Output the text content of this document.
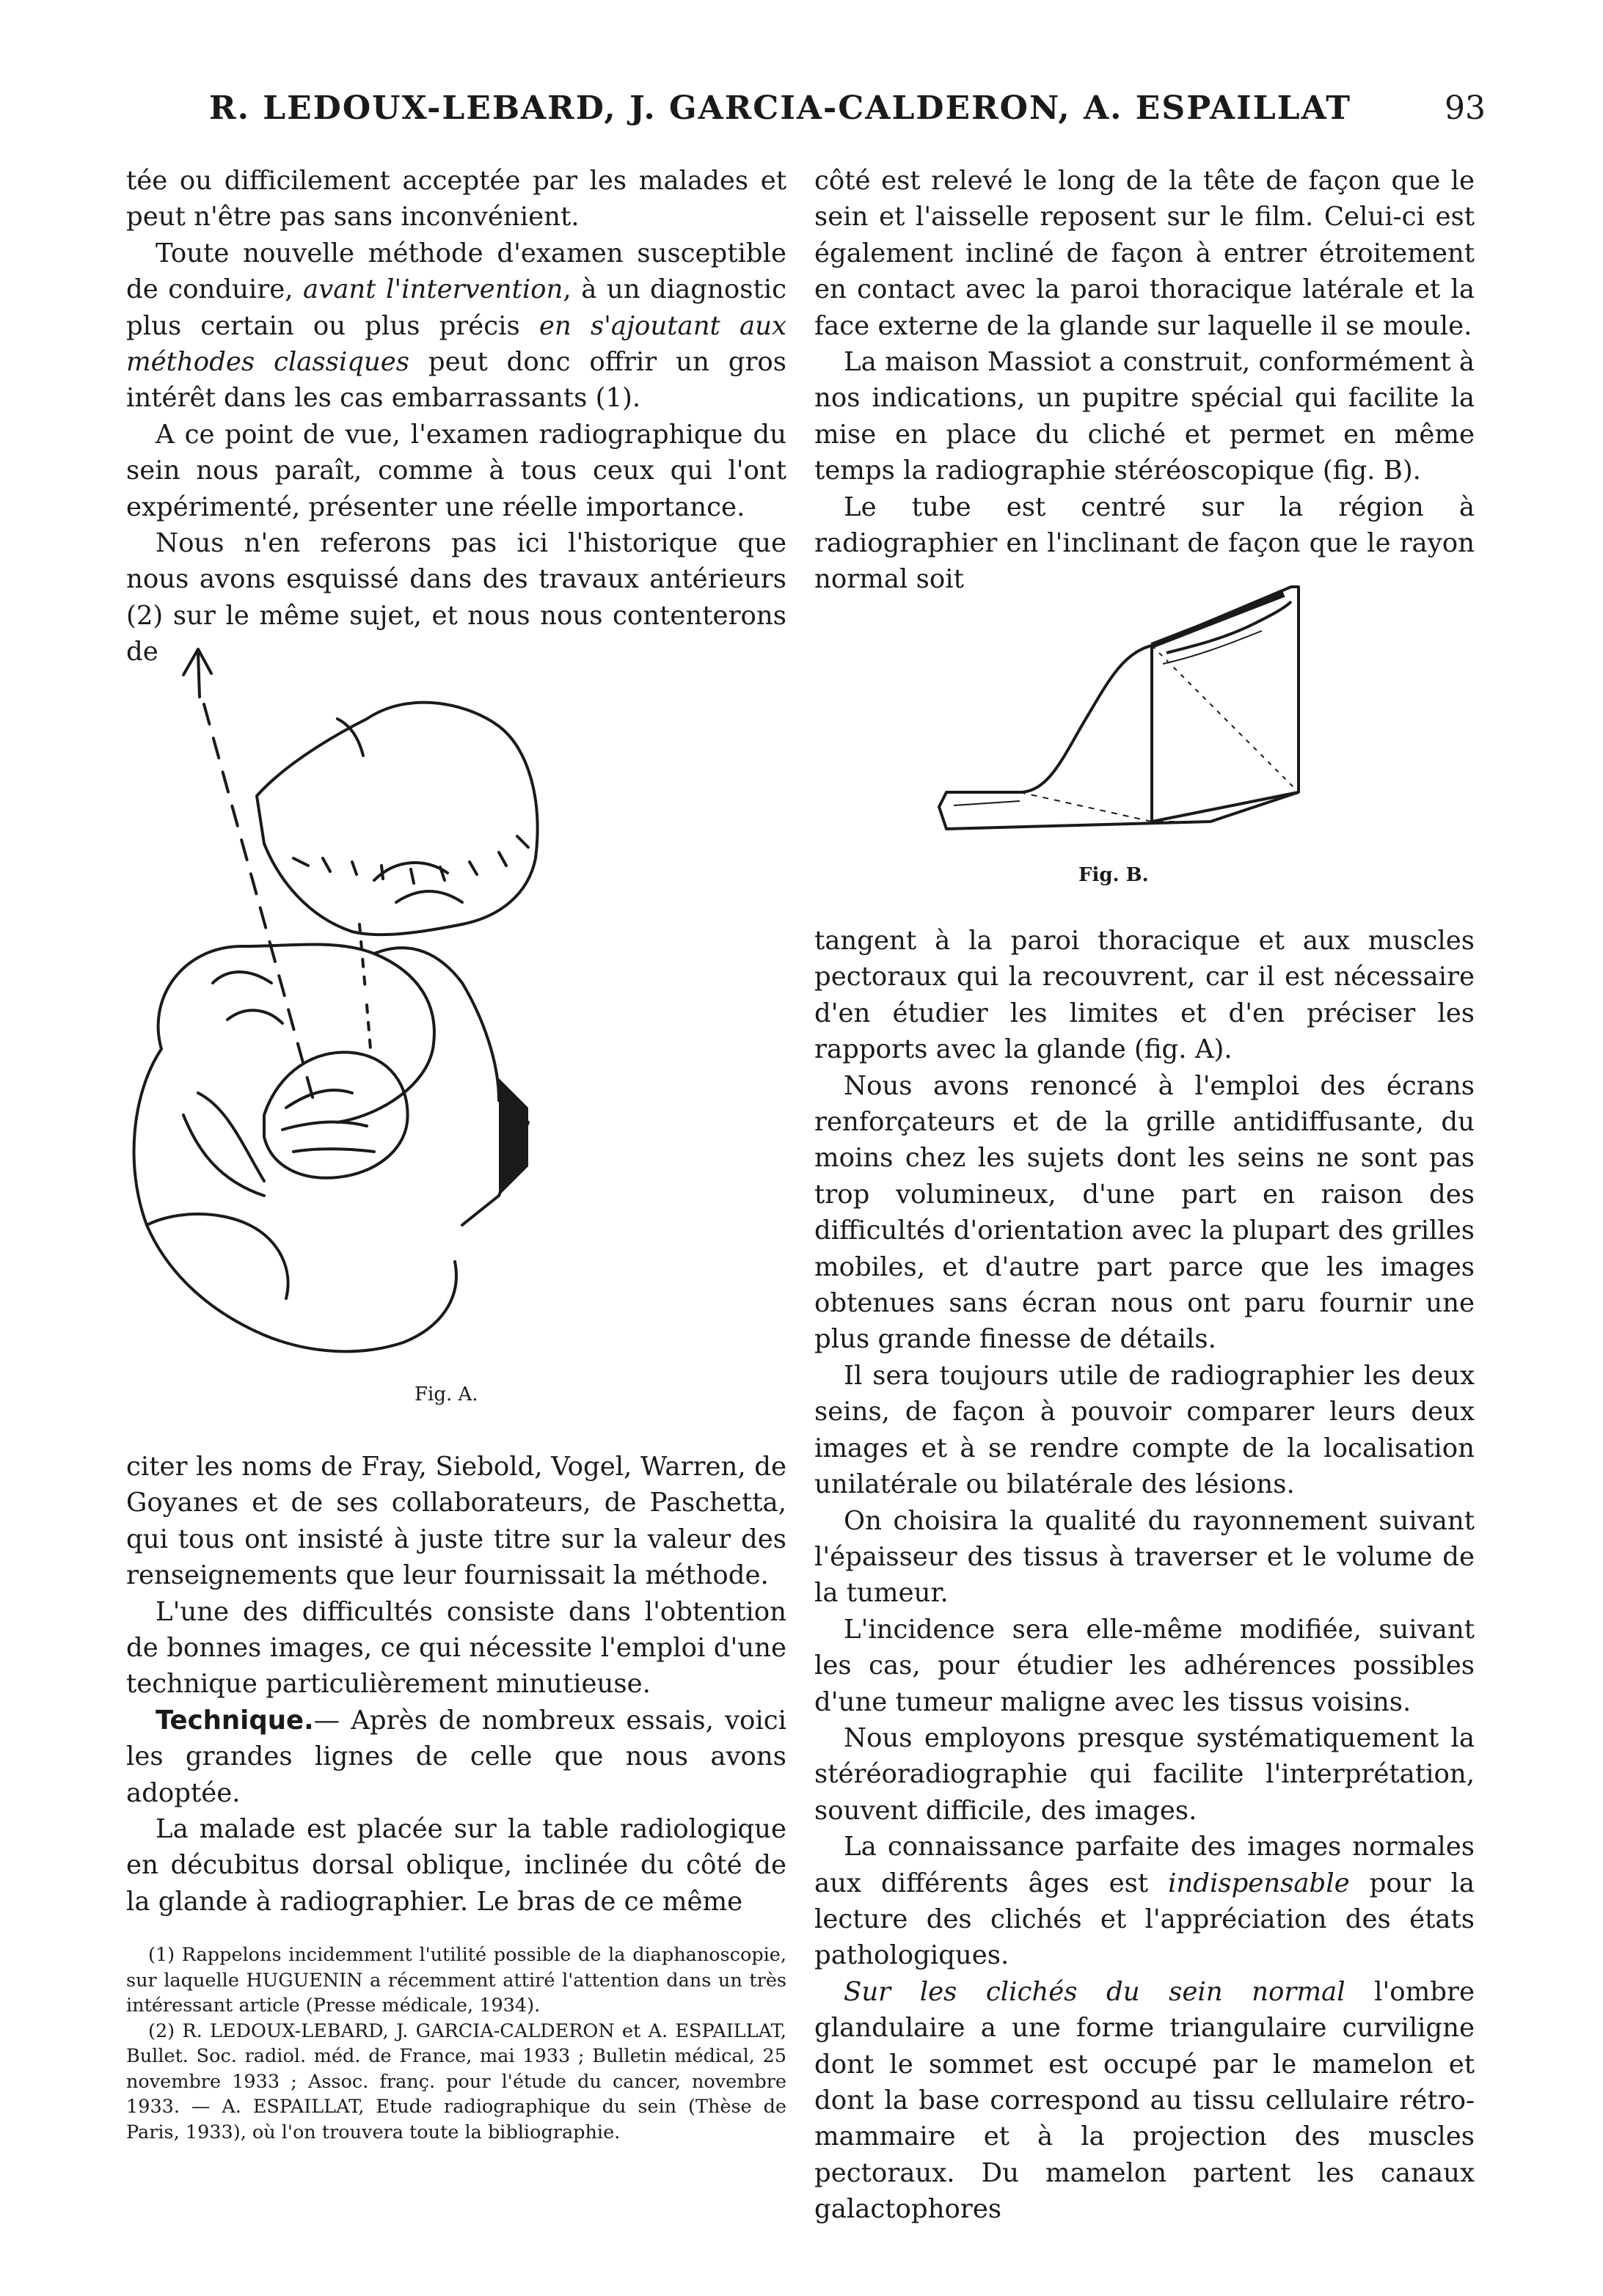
R. LEDOUX-LEBARD, J. GARCIA-CALDERON, A. ESPAILLAT	93

tée ou difficilement acceptée par les malades et peut n'être pas sans inconvénient.

Toute nouvelle méthode d'examen susceptible de conduire, avant l'intervention, à un diagnostic plus certain ou plus précis en s'ajoutant aux méthodes classiques peut donc offrir un gros intérêt dans les cas embarrassants (1).

A ce point de vue, l'examen radiographique du sein nous paraît, comme à tous ceux qui l'ont expérimenté, présenter une réelle importance.

Nous n'en referons pas ici l'historique que nous avons esquissé dans des travaux antérieurs (2) sur le même sujet, et nous nous contenterons de

Fig. A.

citer les noms de Fray, Siebold, Vogel, Warren, de Goyanes et de ses collaborateurs, de Paschetta, qui tous ont insisté à juste titre sur la valeur des renseignements que leur fournissait la méthode.

L'une des difficultés consiste dans l'obtention de bonnes images, ce qui nécessite l'emploi d'une technique particulièrement minutieuse.

Technique.— Après de nombreux essais, voici les grandes lignes de celle que nous avons adoptée.

La malade est placée sur la table radiologique en décubitus dorsal oblique, inclinée du côté de la glande à radiographier. Le bras de ce même

(1) Rappelons incidemment l'utilité possible de la diaphanoscopie, sur laquelle HUGUENIN a récemment attiré l'attention dans un très intéressant article (Presse médicale, 1934).

(2) R. LEDOUX-LEBARD, J. GARCIA-CALDERON et A. ESPAILLAT, Bullet. Soc. radiol. méd. de France, mai 1933 ; Bulletin médical, 25 novembre 1933 ; Assoc. franç. pour l'étude du cancer, novembre 1933. — A. ESPAILLAT, Etude radiographique du sein (Thèse de Paris, 1933), où l'on trouvera toute la bibliographie.

côté est relevé le long de la tête de façon que le sein et l'aisselle reposent sur le film. Celui-ci est également incliné de façon à entrer étroitement en contact avec la paroi thoracique latérale et la face externe de la glande sur laquelle il se moule.

La maison Massiot a construit, conformément à nos indications, un pupitre spécial qui facilite la mise en place du cliché et permet en même temps la radiographie stéréoscopique (fig. B).

Le tube est centré sur la région à radiographier en l'inclinant de façon que le rayon normal soit

Fig. B.

tangent à la paroi thoracique et aux muscles pectoraux qui la recouvrent, car il est nécessaire d'en étudier les limites et d'en préciser les rapports avec la glande (fig. A).

Nous avons renoncé à l'emploi des écrans renforçateurs et de la grille antidiffusante, du moins chez les sujets dont les seins ne sont pas trop volumineux, d'une part en raison des difficultés d'orientation avec la plupart des grilles mobiles, et d'autre part parce que les images obtenues sans écran nous ont paru fournir une plus grande finesse de détails.

Il sera toujours utile de radiographier les deux seins, de façon à pouvoir comparer leurs deux images et à se rendre compte de la localisation unilatérale ou bilatérale des lésions.

On choisira la qualité du rayonnement suivant l'épaisseur des tissus à traverser et le volume de la tumeur.

L'incidence sera elle-même modifiée, suivant les cas, pour étudier les adhérences possibles d'une tumeur maligne avec les tissus voisins.

Nous employons presque systématiquement la stéréoradiographie qui facilite l'interprétation, souvent difficile, des images.

La connaissance parfaite des images normales aux différents âges est indispensable pour la lecture des clichés et l'appréciation des états pathologiques.

Sur les clichés du sein normal l'ombre glandulaire a une forme triangulaire curviligne dont le sommet est occupé par le mamelon et dont la base correspond au tissu cellulaire rétro-mammaire et à la projection des muscles pectoraux. Du mamelon partent les canaux galactophores
